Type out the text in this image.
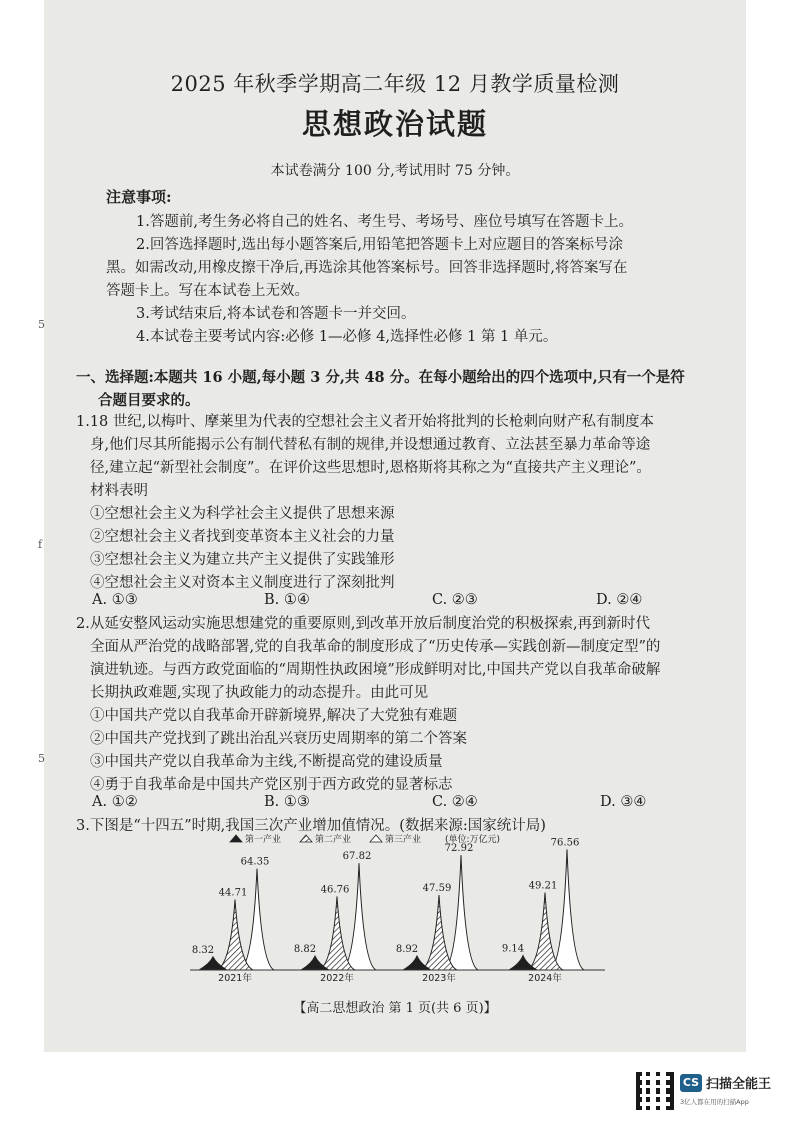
2025 年秋季学期高二年级 12 月教学质量检测
思想政治试题
本试卷满分 100 分,考试用时 75 分钟。
注意事项:
1.答题前,考生务必将自己的姓名、考生号、考场号、座位号填写在答题卡上。
2.回答选择题时,选出每小题答案后,用铅笔把答题卡上对应题目的答案标号涂
黑。如需改动,用橡皮擦干净后,再选涂其他答案标号。回答非选择题时,将答案写在
答题卡上。写在本试卷上无效。
3.考试结束后,将本试卷和答题卡一并交回。
4.本试卷主要考试内容:必修 1—必修 4,选择性必修 1 第 1 单元。
5
f
5
一、选择题:本题共 16 小题,每小题 3 分,共 48 分。在每小题给出的四个选项中,只有一个是符
合题目要求的。
1.18 世纪,以梅叶、摩莱里为代表的空想社会主义者开始将批判的长枪刺向财产私有制度本
身,他们尽其所能揭示公有制代替私有制的规律,并设想通过教育、立法甚至暴力革命等途
径,建立起“新型社会制度”。在评价这些思想时,恩格斯将其称之为“直接共产主义理论”。
材料表明
①空想社会主义为科学社会主义提供了思想来源
②空想社会主义者找到变革资本主义社会的力量
③空想社会主义为建立共产主义提供了实践雏形
④空想社会主义对资本主义制度进行了深刻批判
A. ①③	B. ①④	C. ②③	D. ②④
2.从延安整风运动实施思想建党的重要原则,到改革开放后制度治党的积极探索,再到新时代
全面从严治党的战略部署,党的自我革命的制度形成了“历史传承—实践创新—制度定型”的
演进轨迹。与西方政党面临的“周期性执政困境”形成鲜明对比,中国共产党以自我革命破解
长期执政难题,实现了执政能力的动态提升。由此可见
①中国共产党以自我革命开辟新境界,解决了大党独有难题
②中国共产党找到了跳出治乱兴衰历史周期率的第二个答案
③中国共产党以自我革命为主线,不断提高党的建设质量
④勇于自我革命是中国共产党区别于西方政党的显著标志
A. ①②	B. ①③	C. ②④	D. ③④
3.下图是“十四五”时期,我国三次产业增加值情况。(数据来源:国家统计局)
【高二思想政治 第 1 页(共 6 页)】
第一产业	第二产业	第三产业	(单位:万亿元)
8.32
44.71
64.35
2021年
8.82
46.76
67.82
2022年
8.92
47.59
72.92
2023年
9.14
49.21
76.56
2024年
CS 扫描全能王
3亿人都在用的扫描App
